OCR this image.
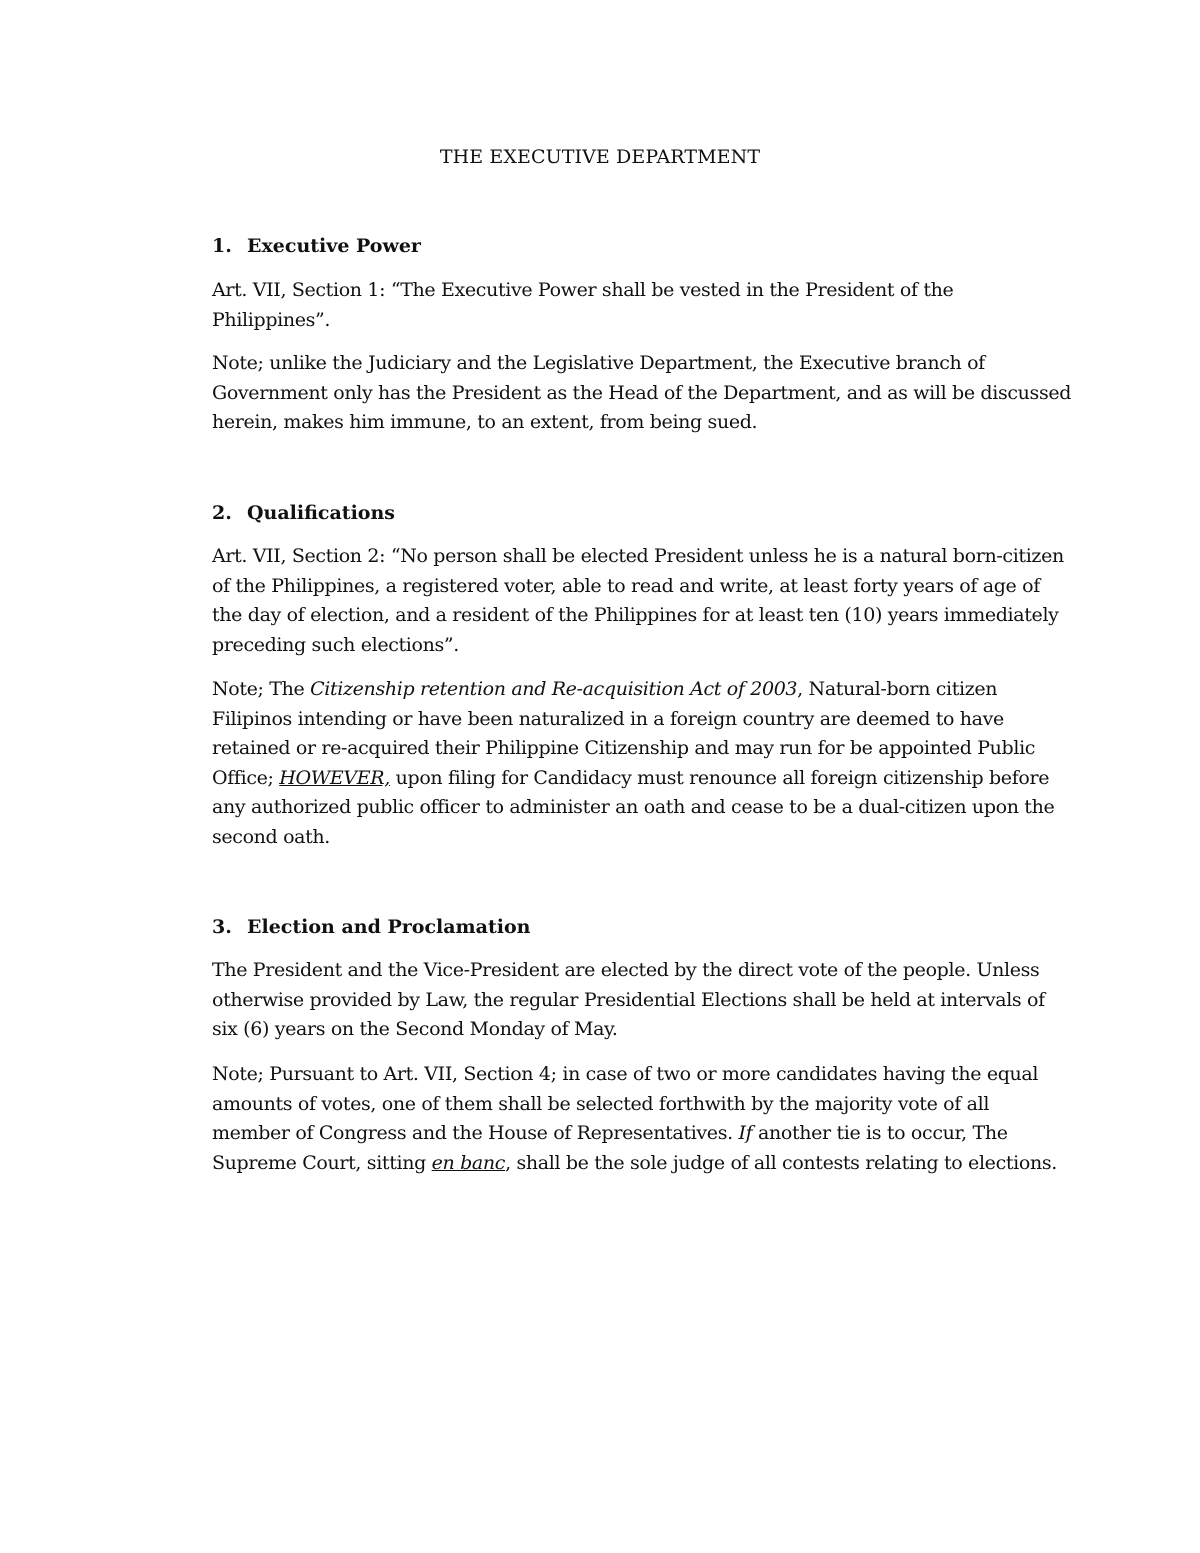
THE EXECUTIVE DEPARTMENT
1. Executive Power

Art. VII, Section 1: “The Executive Power shall be vested in the President of the Philippines”.

Note; unlike the Judiciary and the Legislative Department, the Executive branch of Government only has the President as the Head of the Department, and as will be discussed herein, makes him immune, to an extent, from being sued.

2. Qualifications

Art. VII, Section 2: “No person shall be elected President unless he is a natural born-citizen of the Philippines, a registered voter, able to read and write, at least forty years of age of the day of election, and a resident of the Philippines for at least ten (10) years immediately preceding such elections”.

Note; The Citizenship retention and Re-acquisition Act of 2003, Natural-born citizen Filipinos intending or have been naturalized in a foreign country are deemed to have retained or re-acquired their Philippine Citizenship and may run for be appointed Public Office; HOWEVER, upon filing for Candidacy must renounce all foreign citizenship before any authorized public officer to administer an oath and cease to be a dual-citizen upon the second oath.

3. Election and Proclamation

The President and the Vice-President are elected by the direct vote of the people. Unless otherwise provided by Law, the regular Presidential Elections shall be held at intervals of six (6) years on the Second Monday of May.

Note; Pursuant to Art. VII, Section 4; in case of two or more candidates having the equal amounts of votes, one of them shall be selected forthwith by the majority vote of all member of Congress and the House of Representatives. If another tie is to occur, The Supreme Court, sitting en banc, shall be the sole judge of all contests relating to elections.
